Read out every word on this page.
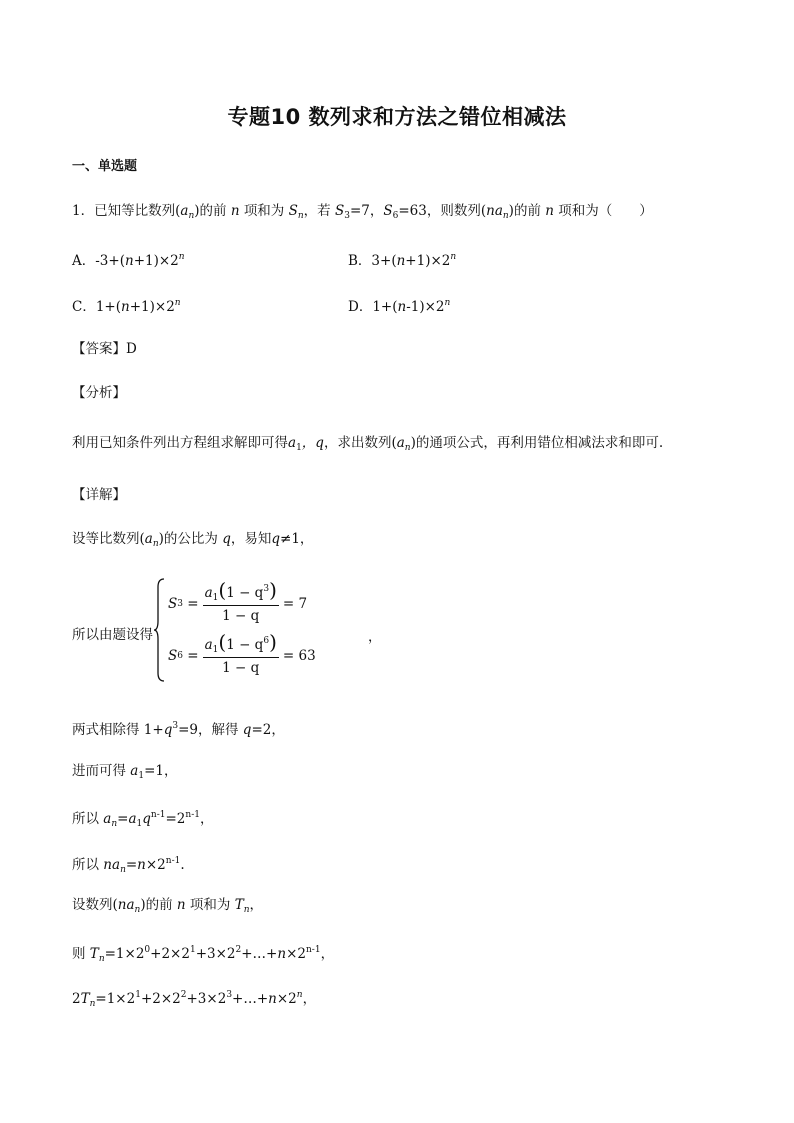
专题10 数列求和方法之错位相减法
一、单选题
1．已知等比数列$(a_n)$的前 n 项和为 $S_n$，若 $S_3=7$，$S_6=63$，则数列$(na_n)$的前 n 项和为（　　）
A．$-3+(n+1)\times 2^n$	B．$3+(n+1)\times 2^n$
C．$1+(n+1)\times 2^n$	D．$1+(n-1)\times 2^n$
【答案】D
【分析】
利用已知条件列出方程组求解即可得$a_1$，q，求出数列$(a_n)$的通项公式，再利用错位相减法求和即可.
【详解】
设等比数列$(a_n)$的公比为 q，易知q≠1，
所以由题设得
S $3 = \frac{a_1(1 - q^3)}{1 - q} = 7$
S $6 = \frac{a_1(1 - q^6)}{1 - q} = 63$
，
两式相除得 $1+q^3=9$，解得 q=2，
进而可得 $a_1=1$，
所以 $a_n=a_1q^{n-1}=2^{n-1}$，
所以 $na_n=n\times 2^{n-1}$.
设数列$(na_n)$的前 n 项和为 $T_n$，
则 $T_n=1\times 2^0+2\times 2^1+3\times 2^2+\dots+n\times 2^{n-1}$，
$2T_n=1\times 2^1+2\times 2^2+3\times 2^3+\dots+n\times 2^n$，
